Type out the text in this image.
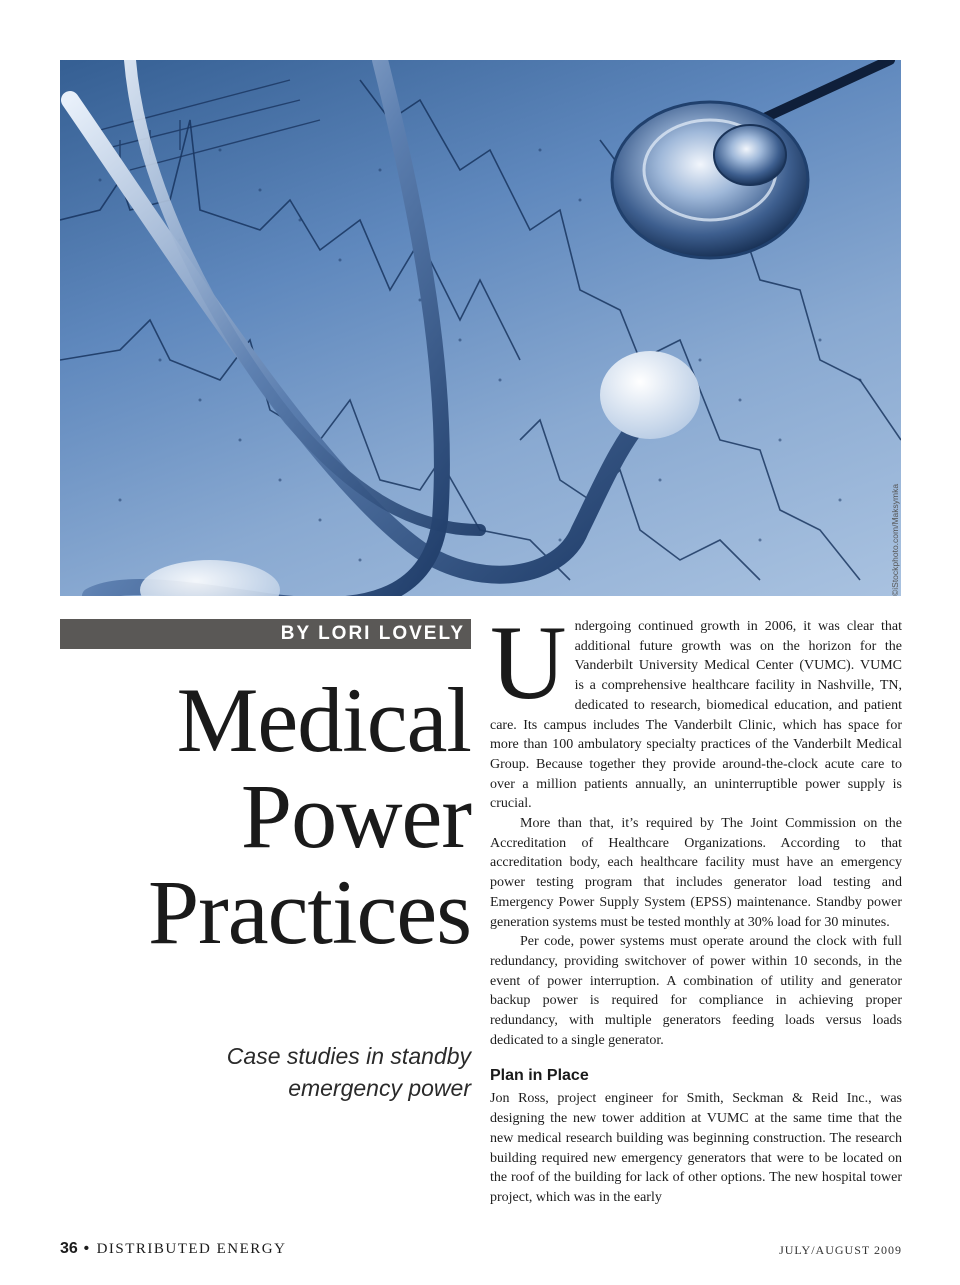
©iStockphoto.com/Maksymka
BY LORI LOVELY
Medical
Power
Practices
Case studies in standby emergency power

Undergoing continued growth in 2006, it was clear that additional future growth was on the horizon for the Vanderbilt University Medical Center (VUMC). VUMC is a comprehensive healthcare facility in Nashville, TN, dedicated to research, biomedical education, and patient care. Its campus includes The Vanderbilt Clinic, which has space for more than 100 ambulatory specialty practices of the Vanderbilt Medical Group. Because together they provide around-the-clock acute care to over a million patients annually, an uninterruptible power supply is crucial.

More than that, it’s required by The Joint Commission on the Accreditation of Healthcare Organizations. According to that accreditation body, each healthcare facility must have an emergency power testing program that includes generator load testing and Emergency Power Supply System (EPSS) maintenance. Standby power generation systems must be tested monthly at 30% load for 30 minutes.

Per code, power systems must operate around the clock with full redundancy, providing switchover of power within 10 seconds, in the event of power interruption. A combination of utility and generator backup power is required for compliance in achieving proper redundancy, with multiple generators feeding loads versus loads dedicated to a single generator.

Plan in Place

Jon Ross, project engineer for Smith, Seckman & Reid Inc., was designing the new tower addition at VUMC at the same time that the new medical research building was beginning construction. The research building required new emergency generators that were to be located on the roof of the building for lack of other options. The new hospital tower project, which was in the early

36 • DISTRIBUTED ENERGY	JULY/AUGUST 2009
